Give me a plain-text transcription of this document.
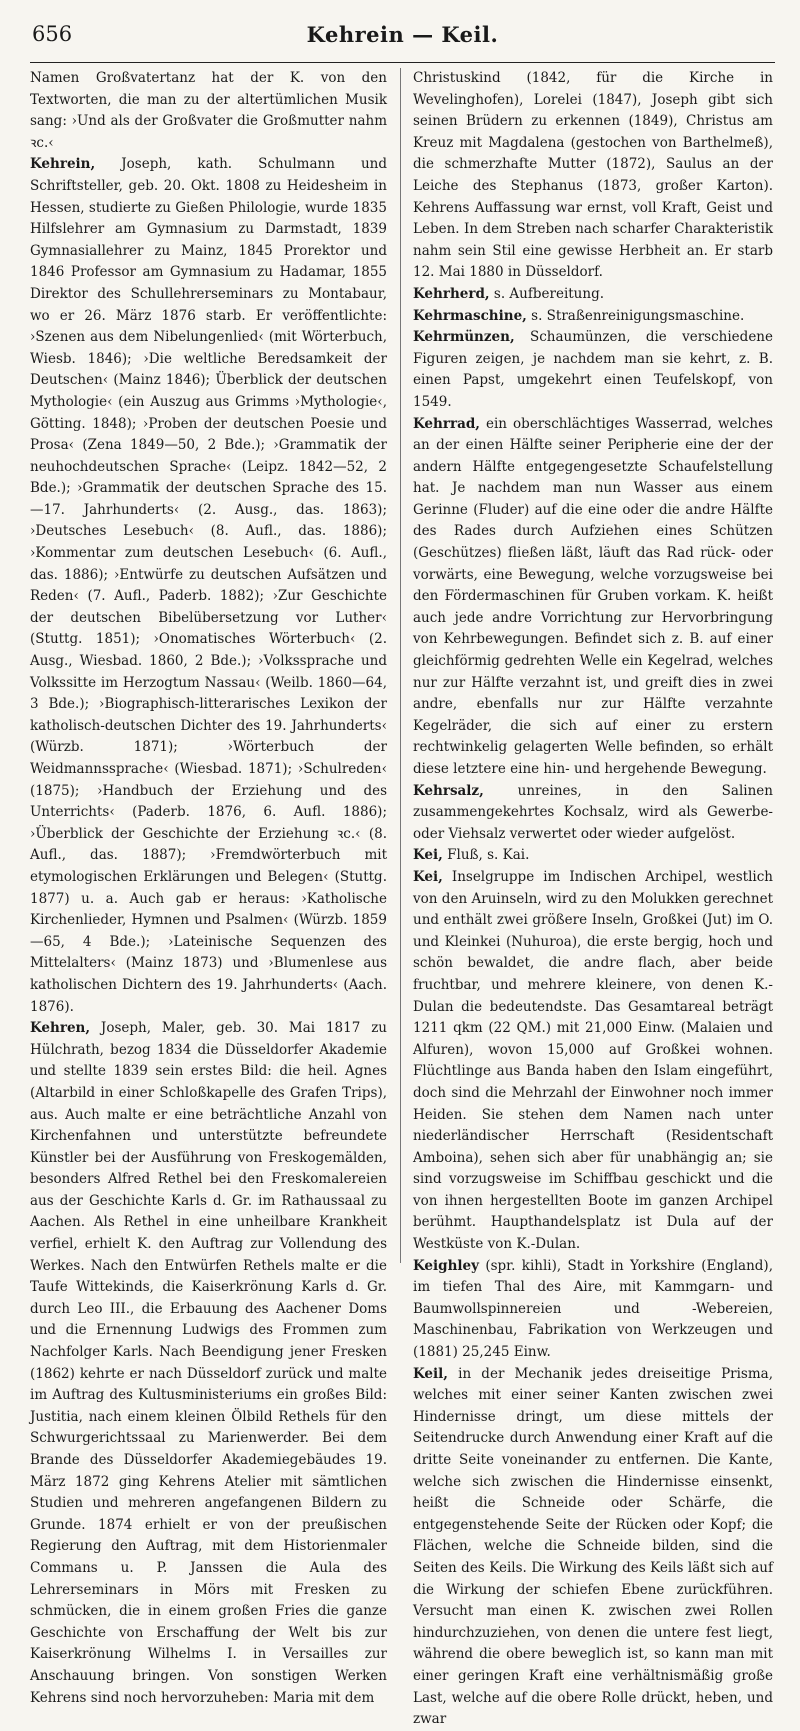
656	Kehrein — Keil.

Namen Großvatertanz hat der K. von den Textworten, die man zu der altertümlichen Musik sang: ›Und als der Großvater die Großmutter nahm ꝛc.‹

Kehrein, Joseph, kath. Schulmann und Schriftsteller, geb. 20. Okt. 1808 zu Heidesheim in Hessen, studierte zu Gießen Philologie, wurde 1835 Hilfslehrer am Gymnasium zu Darmstadt, 1839 Gymnasiallehrer zu Mainz, 1845 Prorektor und 1846 Professor am Gymnasium zu Hadamar, 1855 Direktor des Schullehrerseminars zu Montabaur, wo er 26. März 1876 starb. Er veröffentlichte: ›Szenen aus dem Nibelungenlied‹ (mit Wörterbuch, Wiesb. 1846); ›Die weltliche Beredsamkeit der Deutschen‹ (Mainz 1846); Überblick der deutschen Mythologie‹ (ein Auszug aus Grimms ›Mythologie‹, Götting. 1848); ›Proben der deutschen Poesie und Prosa‹ (Zena 1849—50, 2 Bde.); ›Grammatik der neuhochdeutschen Sprache‹ (Leipz. 1842—52, 2 Bde.); ›Grammatik der deutschen Sprache des 15.—17. Jahrhunderts‹ (2. Ausg., das. 1863); ›Deutsches Lesebuch‹ (8. Aufl., das. 1886); ›Kommentar zum deutschen Lesebuch‹ (6. Aufl., das. 1886); ›Entwürfe zu deutschen Aufsätzen und Reden‹ (7. Aufl., Paderb. 1882); ›Zur Geschichte der deutschen Bibelübersetzung vor Luther‹ (Stuttg. 1851); ›Onomatisches Wörterbuch‹ (2. Ausg., Wiesbad. 1860, 2 Bde.); ›Volkssprache und Volkssitte im Herzogtum Nassau‹ (Weilb. 1860—64, 3 Bde.); ›Biographisch-litterarisches Lexikon der katholisch-deutschen Dichter des 19. Jahrhunderts‹ (Würzb. 1871); ›Wörterbuch der Weidmannssprache‹ (Wiesbad. 1871); ›Schulreden‹ (1875); ›Handbuch der Erziehung und des Unterrichts‹ (Paderb. 1876, 6. Aufl. 1886); ›Überblick der Geschichte der Erziehung ꝛc.‹ (8. Aufl., das. 1887); ›Fremdwörterbuch mit etymologischen Erklärungen und Belegen‹ (Stuttg. 1877) u. a. Auch gab er heraus: ›Katholische Kirchenlieder, Hymnen und Psalmen‹ (Würzb. 1859—65, 4 Bde.); ›Lateinische Sequenzen des Mittelalters‹ (Mainz 1873) und ›Blumenlese aus katholischen Dichtern des 19. Jahrhunderts‹ (Aach. 1876).

Kehren, Joseph, Maler, geb. 30. Mai 1817 zu Hülchrath, bezog 1834 die Düsseldorfer Akademie und stellte 1839 sein erstes Bild: die heil. Agnes (Altarbild in einer Schloßkapelle des Grafen Trips), aus. Auch malte er eine beträchtliche Anzahl von Kirchenfahnen und unterstützte befreundete Künstler bei der Ausführung von Freskogemälden, besonders Alfred Rethel bei den Freskomalereien aus der Geschichte Karls d. Gr. im Rathaussaal zu Aachen. Als Rethel in eine unheilbare Krankheit verfiel, erhielt K. den Auftrag zur Vollendung des Werkes. Nach den Entwürfen Rethels malte er die Taufe Wittekinds, die Kaiserkrönung Karls d. Gr. durch Leo III., die Erbauung des Aachener Doms und die Ernennung Ludwigs des Frommen zum Nachfolger Karls. Nach Beendigung jener Fresken (1862) kehrte er nach Düsseldorf zurück und malte im Auftrag des Kultusministeriums ein großes Bild: Justitia, nach einem kleinen Ölbild Rethels für den Schwurgerichtssaal zu Marienwerder. Bei dem Brande des Düsseldorfer Akademiegebäudes 19. März 1872 ging Kehrens Atelier mit sämtlichen Studien und mehreren angefangenen Bildern zu Grunde. 1874 erhielt er von der preußischen Regierung den Auftrag, mit dem Historienmaler Commans u. P. Janssen die Aula des Lehrerseminars in Mörs mit Fresken zu schmücken, die in einem großen Fries die ganze Geschichte von Erschaffung der Welt bis zur Kaiserkrönung Wilhelms I. in Versailles zur Anschauung bringen. Von sonstigen Werken Kehrens sind noch hervorzuheben: Maria mit dem

Christuskind (1842, für die Kirche in Wevelinghofen), Lorelei (1847), Joseph gibt sich seinen Brüdern zu erkennen (1849), Christus am Kreuz mit Magdalena (gestochen von Barthelmeß), die schmerzhafte Mutter (1872), Saulus an der Leiche des Stephanus (1873, großer Karton). Kehrens Auffassung war ernst, voll Kraft, Geist und Leben. In dem Streben nach scharfer Charakteristik nahm sein Stil eine gewisse Herbheit an. Er starb 12. Mai 1880 in Düsseldorf.

Kehrherd, s. Aufbereitung.

Kehrmaschine, s. Straßenreinigungsmaschine.

Kehrmünzen, Schaumünzen, die verschiedene Figuren zeigen, je nachdem man sie kehrt, z. B. einen Papst, umgekehrt einen Teufelskopf, von 1549.

Kehrrad, ein oberschlächtiges Wasserrad, welches an der einen Hälfte seiner Peripherie eine der der andern Hälfte entgegengesetzte Schaufelstellung hat. Je nachdem man nun Wasser aus einem Gerinne (Fluder) auf die eine oder die andre Hälfte des Rades durch Aufziehen eines Schützen (Geschützes) fließen läßt, läuft das Rad rück- oder vorwärts, eine Bewegung, welche vorzugsweise bei den Fördermaschinen für Gruben vorkam. K. heißt auch jede andre Vorrichtung zur Hervorbringung von Kehrbewegungen. Befindet sich z. B. auf einer gleichförmig gedrehten Welle ein Kegelrad, welches nur zur Hälfte verzahnt ist, und greift dies in zwei andre, ebenfalls nur zur Hälfte verzahnte Kegelräder, die sich auf einer zu erstern rechtwinkelig gelagerten Welle befinden, so erhält diese letztere eine hin- und hergehende Bewegung.

Kehrsalz, unreines, in den Salinen zusammengekehrtes Kochsalz, wird als Gewerbe- oder Viehsalz verwertet oder wieder aufgelöst.

Kei, Fluß, s. Kai.

Kei, Inselgruppe im Indischen Archipel, westlich von den Aruinseln, wird zu den Molukken gerechnet und enthält zwei größere Inseln, Großkei (Jut) im O. und Kleinkei (Nuhuroa), die erste bergig, hoch und schön bewaldet, die andre flach, aber beide fruchtbar, und mehrere kleinere, von denen K.-Dulan die bedeutendste. Das Gesamtareal beträgt 1211 qkm (22 QM.) mit 21,000 Einw. (Malaien und Alfuren), wovon 15,000 auf Großkei wohnen. Flüchtlinge aus Banda haben den Islam eingeführt, doch sind die Mehrzahl der Einwohner noch immer Heiden. Sie stehen dem Namen nach unter niederländischer Herrschaft (Residentschaft Amboina), sehen sich aber für unabhängig an; sie sind vorzugsweise im Schiffbau geschickt und die von ihnen hergestellten Boote im ganzen Archipel berühmt. Haupthandelsplatz ist Dula auf der Westküste von K.-Dulan.

Keighley (spr. kihli), Stadt in Yorkshire (England), im tiefen Thal des Aire, mit Kammgarn- und Baumwollspinnereien und -Webereien, Maschinenbau, Fabrikation von Werkzeugen und (1881) 25,245 Einw.

Keil, in der Mechanik jedes dreiseitige Prisma, welches mit einer seiner Kanten zwischen zwei Hindernisse dringt, um diese mittels der Seitendrucke durch Anwendung einer Kraft auf die dritte Seite voneinander zu entfernen. Die Kante, welche sich zwischen die Hindernisse einsenkt, heißt die Schneide oder Schärfe, die entgegenstehende Seite der Rücken oder Kopf; die Flächen, welche die Schneide bilden, sind die Seiten des Keils. Die Wirkung des Keils läßt sich auf die Wirkung der schiefen Ebene zurückführen. Versucht man einen K. zwischen zwei Rollen hindurchzuziehen, von denen die untere fest liegt, während die obere beweglich ist, so kann man mit einer geringen Kraft eine verhältnismäßig große Last, welche auf die obere Rolle drückt, heben, und zwar
